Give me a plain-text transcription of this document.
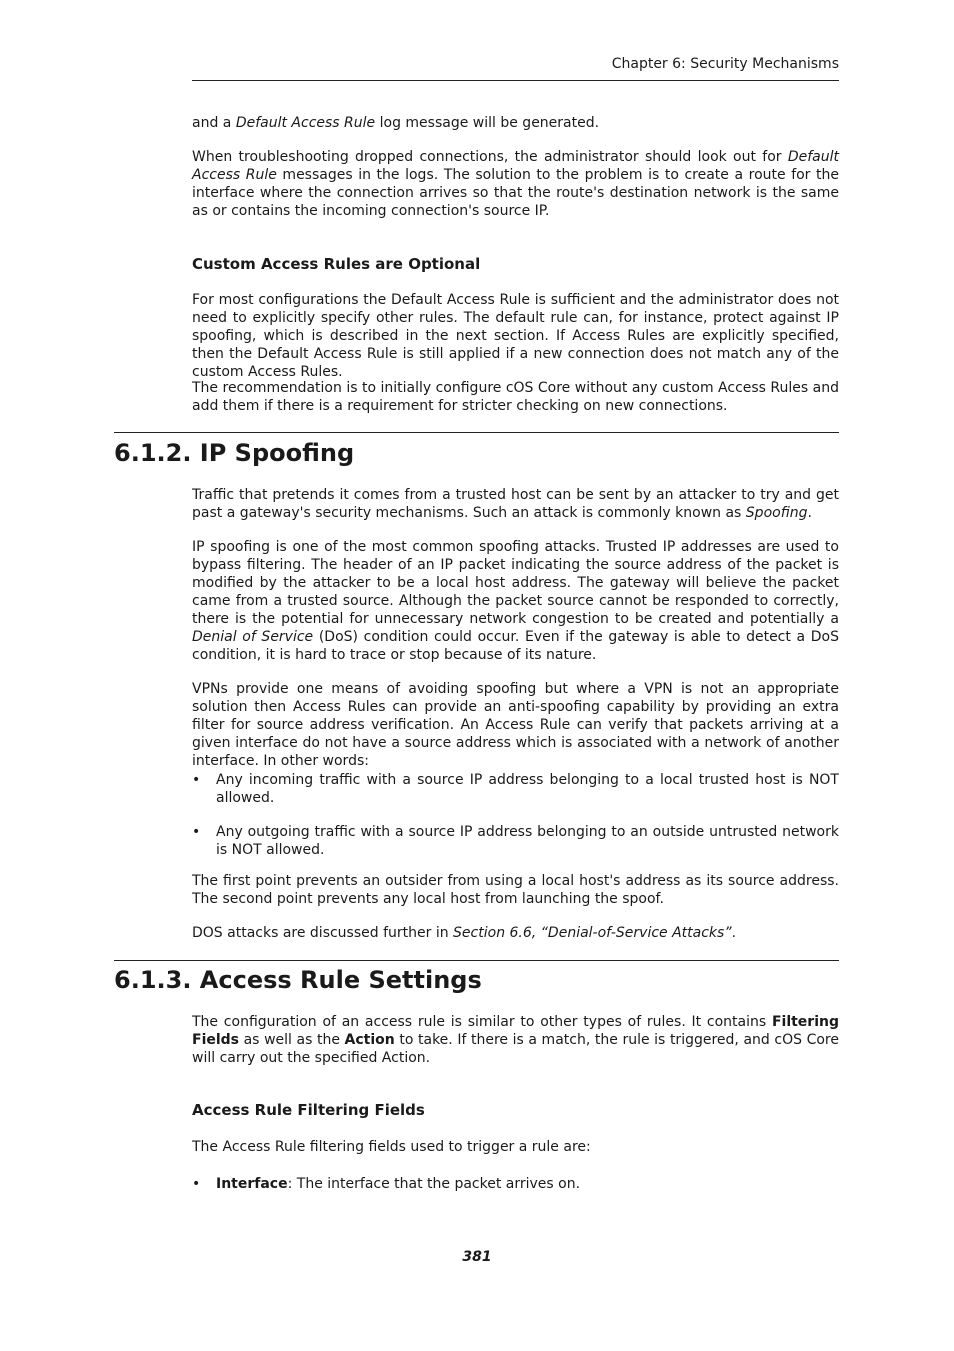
Chapter 6: Security Mechanisms

and a Default Access Rule log message will be generated.

When troubleshooting dropped connections, the administrator should look out for Default Access Rule messages in the logs. The solution to the problem is to create a route for the interface where the connection arrives so that the route's destination network is the same as or contains the incoming connection's source IP.

Custom Access Rules are Optional

For most configurations the Default Access Rule is sufficient and the administrator does not need to explicitly specify other rules. The default rule can, for instance, protect against IP spoofing, which is described in the next section. If Access Rules are explicitly specified, then the Default Access Rule is still applied if a new connection does not match any of the custom Access Rules.

The recommendation is to initially configure cOS Core without any custom Access Rules and add them if there is a requirement for stricter checking on new connections.

6.1.2. IP Spoofing

Traffic that pretends it comes from a trusted host can be sent by an attacker to try and get past a gateway's security mechanisms. Such an attack is commonly known as Spoofing.

IP spoofing is one of the most common spoofing attacks. Trusted IP addresses are used to bypass filtering. The header of an IP packet indicating the source address of the packet is modified by the attacker to be a local host address. The gateway will believe the packet came from a trusted source. Although the packet source cannot be responded to correctly, there is the potential for unnecessary network congestion to be created and potentially a Denial of Service (DoS) condition could occur. Even if the gateway is able to detect a DoS condition, it is hard to trace or stop because of its nature.

VPNs provide one means of avoiding spoofing but where a VPN is not an appropriate solution then Access Rules can provide an anti-spoofing capability by providing an extra filter for source address verification. An Access Rule can verify that packets arriving at a given interface do not have a source address which is associated with a network of another interface. In other words:

•	Any incoming traffic with a source IP address belonging to a local trusted host is NOT allowed.
•	Any outgoing traffic with a source IP address belonging to an outside untrusted network is NOT allowed.

The first point prevents an outsider from using a local host's address as its source address. The second point prevents any local host from launching the spoof.

DOS attacks are discussed further in Section 6.6, “Denial-of-Service Attacks”.

6.1.3. Access Rule Settings

The configuration of an access rule is similar to other types of rules. It contains Filtering Fields as well as the Action to take. If there is a match, the rule is triggered, and cOS Core will carry out the specified Action.

Access Rule Filtering Fields

The Access Rule filtering fields used to trigger a rule are:

•	Interface: The interface that the packet arrives on.
381
